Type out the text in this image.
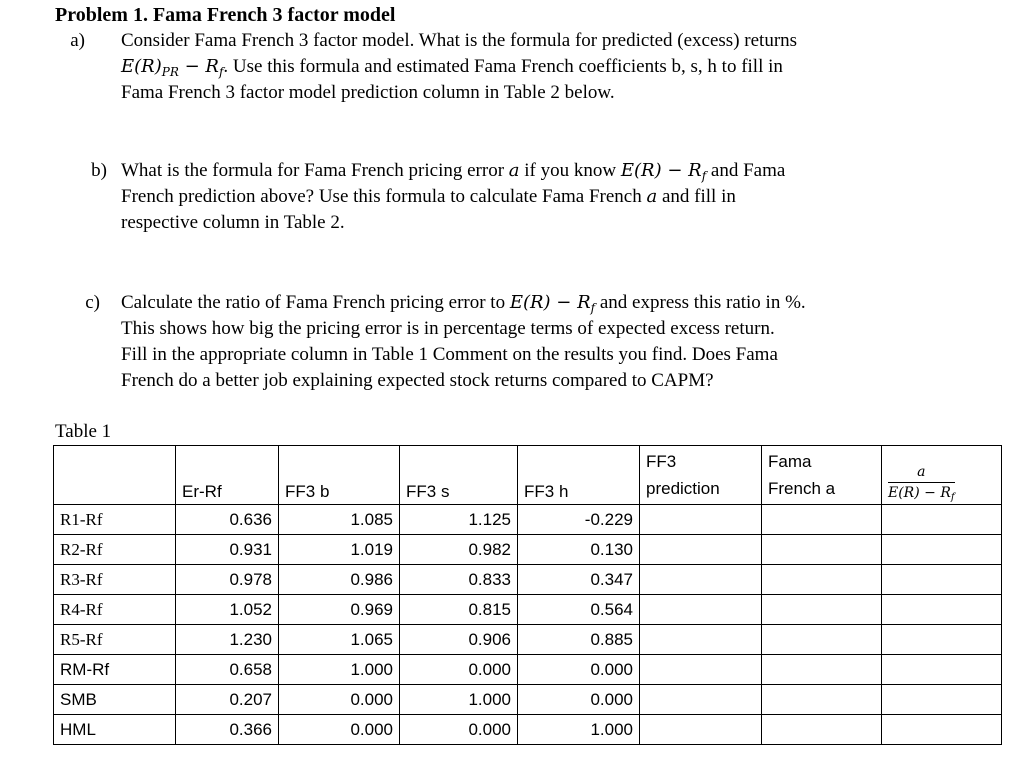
Problem 1. Fama French 3 factor model
a) Consider Fama French 3 factor model. What is the formula for predicted (excess) returns
$E(R)_{PR} - R_f$. Use this formula and estimated Fama French coefficients b, s, h to fill in
Fama French 3 factor model prediction column in Table 2 below.
b) What is the formula for Fama French pricing error a if you know $E(R) - R_f$ and Fama
French prediction above? Use this formula to calculate Fama French a and fill in
respective column in Table 2.
c) Calculate the ratio of Fama French pricing error to $E(R) - R_f$ and express this ratio in %.
This shows how big the pricing error is in percentage terms of expected excess return.
Fill in the appropriate column in Table 1 Comment on the results you find. Does Fama
French do a better job explaining expected stock returns compared to CAPM?
Table 1
	Er-Rf	FF3 b	FF3 s	FF3 h	FF3
prediction	Fama
French a	$\frac{a}{E(R) - R_f}$

R1-Rf	0.636	1.085	1.125	-0.229			
R2-Rf	0.931	1.019	0.982	0.130			
R3-Rf	0.978	0.986	0.833	0.347			
R4-Rf	1.052	0.969	0.815	0.564			
R5-Rf	1.230	1.065	0.906	0.885			
RM-Rf	0.658	1.000	0.000	0.000			
SMB	0.207	0.000	1.000	0.000			
HML	0.366	0.000	0.000	1.000			
